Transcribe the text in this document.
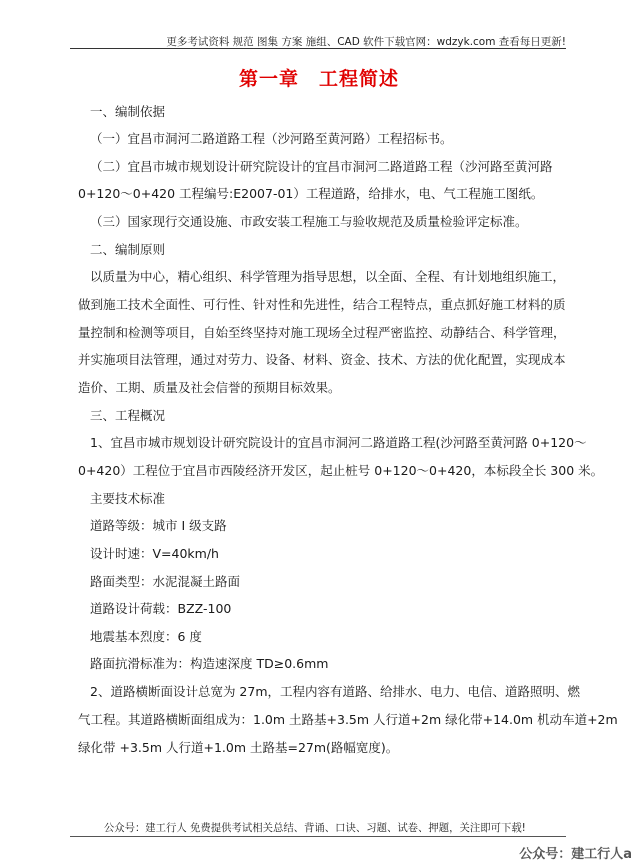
更多考试资料 规范 图集 方案 施组、CAD 软件下载官网：wdzyk.com 查看每日更新!
第一章　工程简述
一、编制依据
（一）宜昌市洞河二路道路工程（沙河路至黄河路）工程招标书。
（二）宜昌市城市规划设计研究院设计的宜昌市洞河二路道路工程（沙河路至黄河路
0+120～0+420 工程编号:E2007-01）工程道路，给排水，电、气工程施工图纸。
（三）国家现行交通设施、市政安装工程施工与验收规范及质量检验评定标准。
二、编制原则
以质量为中心，精心组织、科学管理为指导思想，以全面、全程、有计划地组织施工，
做到施工技术全面性、可行性、针对性和先进性，结合工程特点，重点抓好施工材料的质
量控制和检测等项目，自始至终坚持对施工现场全过程严密监控、动静结合、科学管理，
并实施项目法管理，通过对劳力、设备、材料、资金、技术、方法的优化配置，实现成本
造价、工期、质量及社会信誉的预期目标效果。
三、工程概况
1、宜昌市城市规划设计研究院设计的宜昌市洞河二路道路工程(沙河路至黄河路 0+120～
0+420）工程位于宜昌市西陵经济开发区，起止桩号 0+120～0+420，本标段全长 300 米。
主要技术标准
道路等级：城市 I 级支路
设计时速：V=40km/h
路面类型：水泥混凝土路面
道路设计荷载：BZZ-100
地震基本烈度：6 度
路面抗滑标准为：构造速深度 TD≥0.6mm
2、道路横断面设计总宽为 27m，工程内容有道路、给排水、电力、电信、道路照明、燃
气工程。其道路横断面组成为：1.0m 土路基+3.5m 人行道+2m 绿化带+14.0m 机动车道+2m
绿化带 +3.5m 人行道+1.0m 土路基=27m(路幅宽度)。
公众号：建工行人 免费提供考试相关总结、背诵、口诀、习题、试卷、押题，关注即可下载!
公众号：建工行人a
